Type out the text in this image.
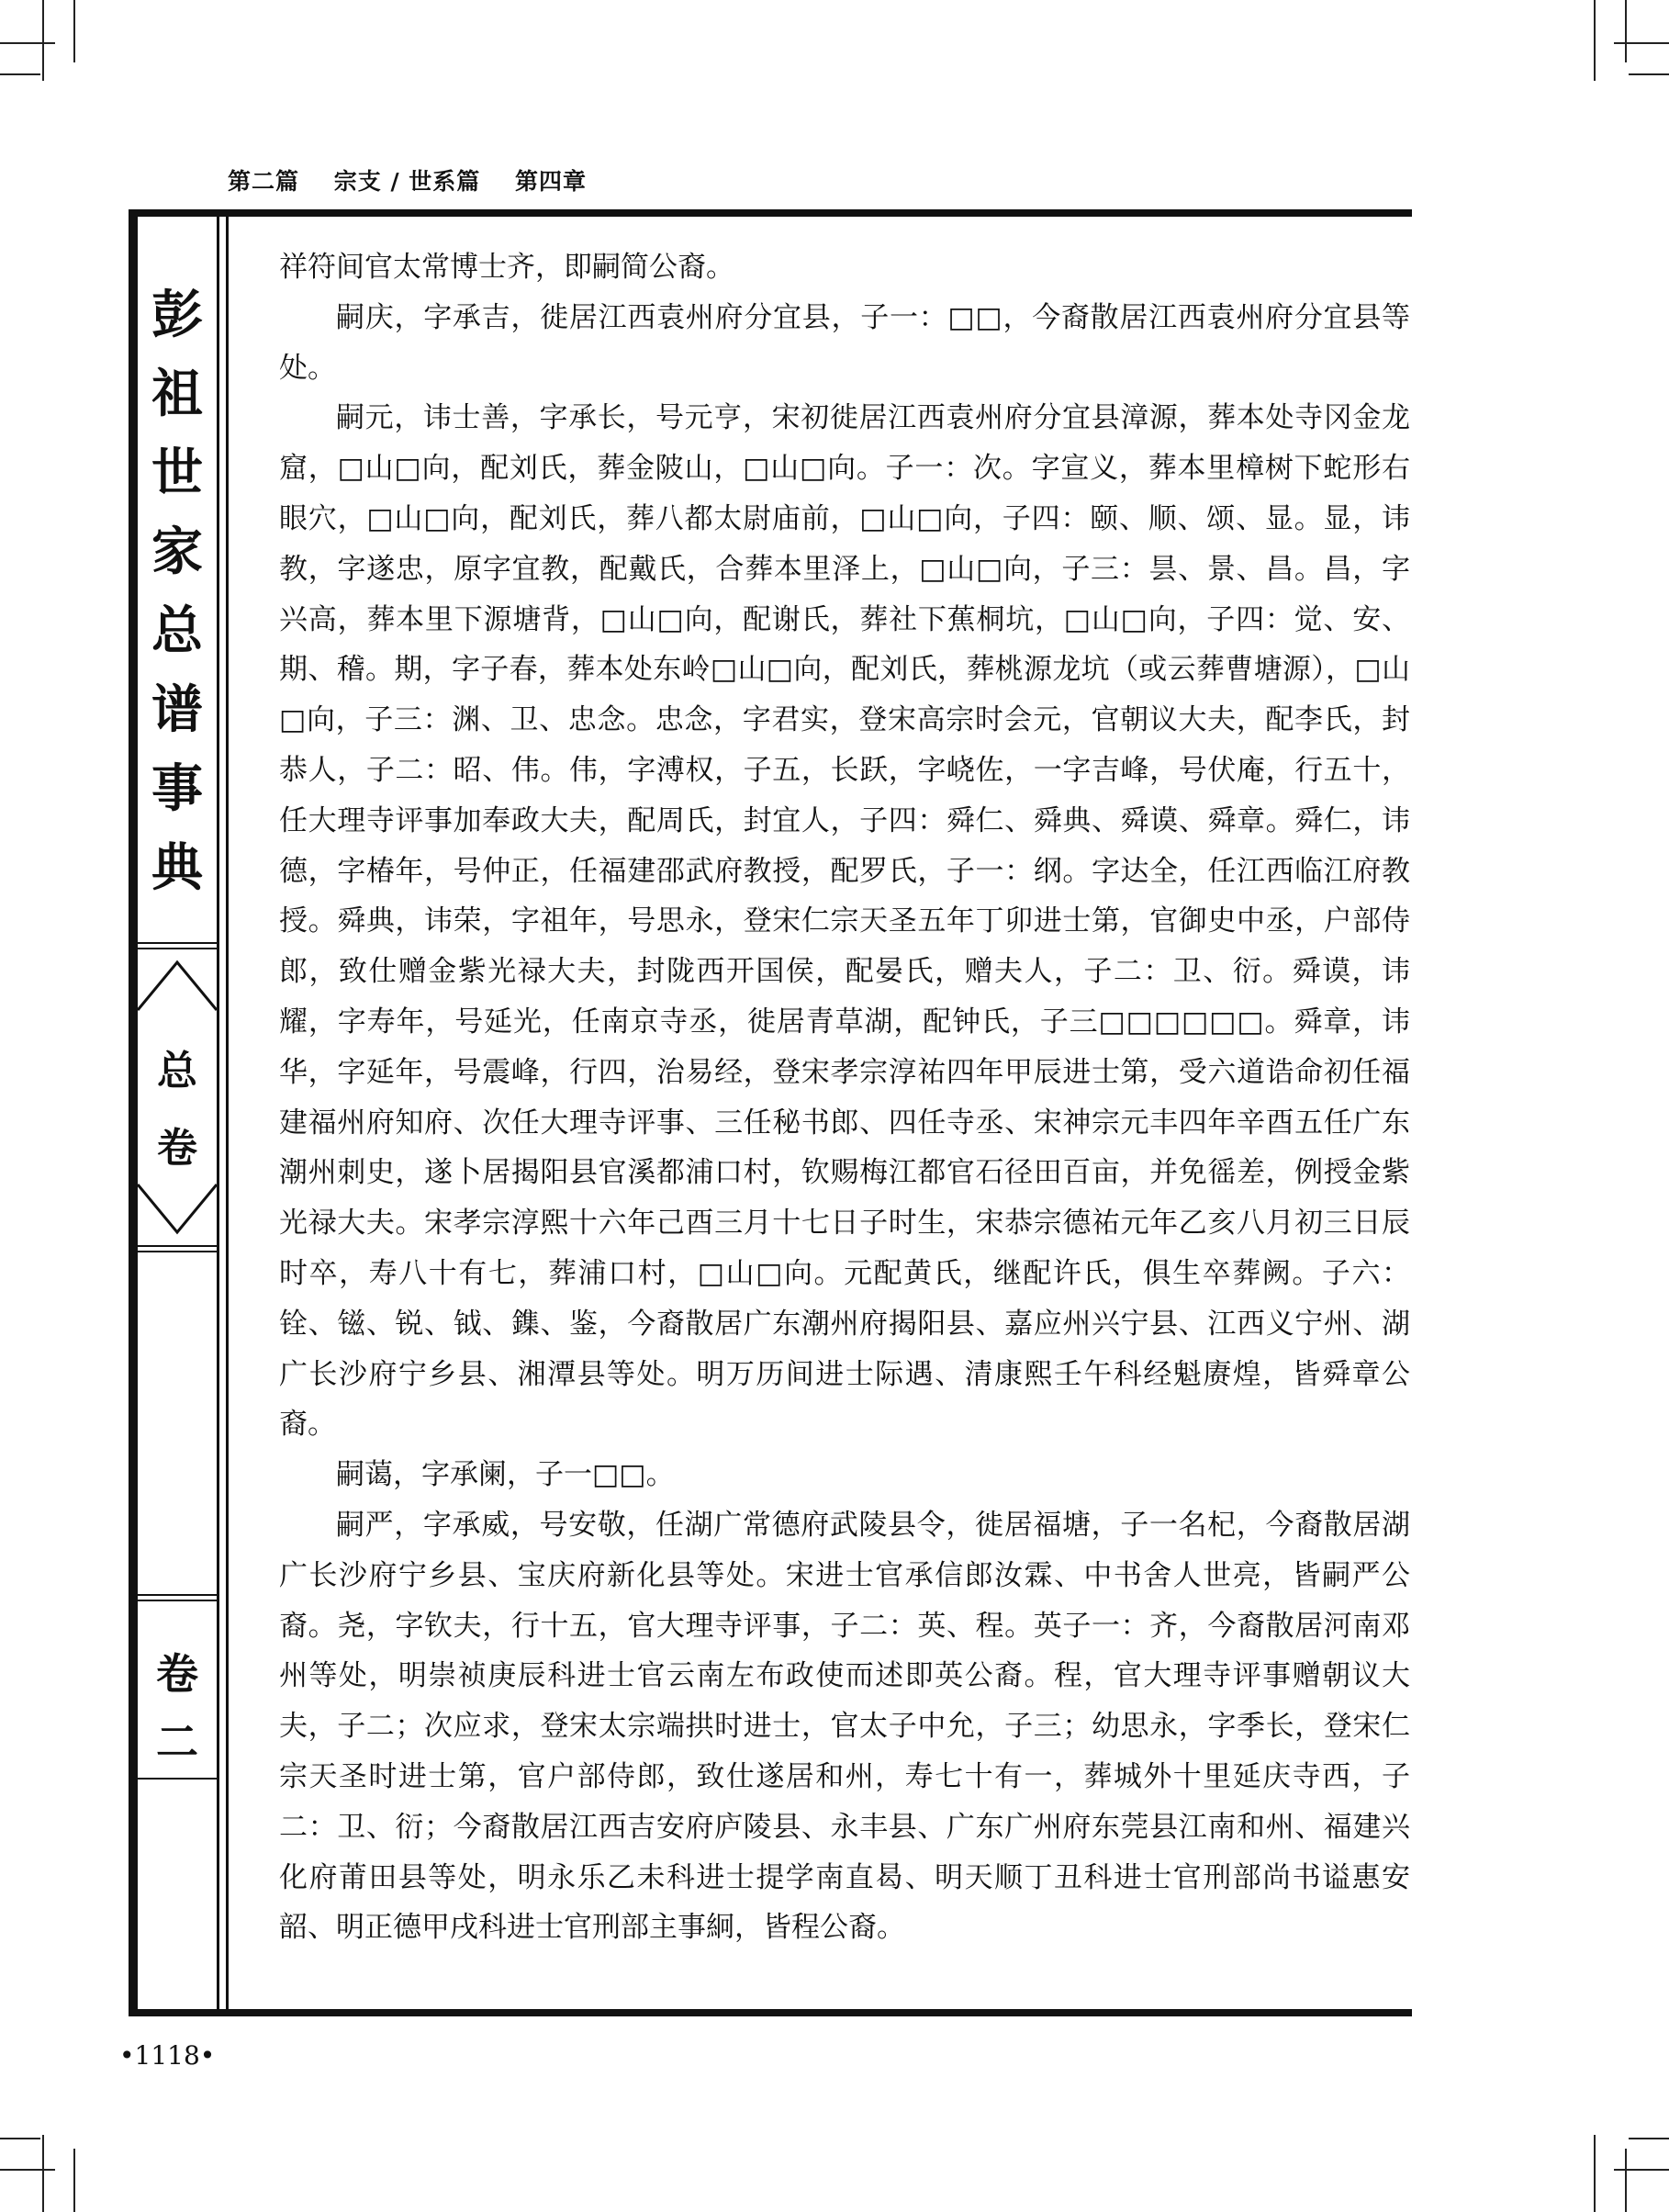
第二篇 宗支 / 世系篇 第四章
彭
祖
世
家
总
谱
事
典
总
卷
卷
二

祥符间官太常博士齐，即嗣简公裔。

嗣庆，字承吉，徙居江西袁州府分宜县，子一：□□，今裔散居江西袁州府分宜县等处。

嗣元，讳士善，字承长，号元亨，宋初徙居江西袁州府分宜县漳源，葬本处寺冈金龙窟，□山□向，配刘氏，葬金陂山，□山□向。子一：次。字宣义，葬本里樟树下蛇形右眼穴，□山□向，配刘氏，葬八都太尉庙前，□山□向，子四：颐、顺、颂、显。显，讳教，字遂忠，原字宜教，配戴氏，合葬本里泽上，□山□向，子三：昙、景、昌。昌，字兴高，葬本里下源塘背，□山□向，配谢氏，葬社下蕉桐坑，□山□向，子四：觉、安、期、稽。期，字子春，葬本处东岭□山□向，配刘氏，葬桃源龙坑（或云葬曹塘源），□山□向，子三：渊、卫、忠念。忠念，字君实，登宋高宗时会元，官朝议大夫，配李氏，封恭人，子二：昭、伟。伟，字溥权，子五，长跃，字峣佐，一字吉峰，号伏庵，行五十，任大理寺评事加奉政大夫，配周氏，封宜人，子四：舜仁、舜典、舜谟、舜章。舜仁，讳德，字椿年，号仲正，任福建邵武府教授，配罗氏，子一：纲。字达全，任江西临江府教授。舜典，讳荣，字祖年，号思永，登宋仁宗天圣五年丁卯进士第，官御史中丞，户部侍郎，致仕赠金紫光禄大夫，封陇西开国侯，配晏氏，赠夫人，子二：卫、衍。舜谟，讳耀，字寿年，号延光，任南京寺丞，徙居青草湖，配钟氏，子三□□□□□□。舜章，讳华，字延年，号震峰，行四，治易经，登宋孝宗淳祐四年甲辰进士第，受六道诰命初任福建福州府知府、次任大理寺评事、三任秘书郎、四任寺丞、宋神宗元丰四年辛酉五任广东潮州刺史，遂卜居揭阳县官溪都浦口村，钦赐梅江都官石径田百亩，并免徭差，例授金紫光禄大夫。宋孝宗淳熙十六年己酉三月十七日子时生，宋恭宗德祐元年乙亥八月初三日辰时卒，寿八十有七，葬浦口村，□山□向。元配黄氏，继配许氏，俱生卒葬阙。子六：铨、镃、锐、钺、鏶、鉴，今裔散居广东潮州府揭阳县、嘉应州兴宁县、江西义宁州、湖广长沙府宁乡县、湘潭县等处。明万历间进士际遇、清康熙壬午科经魁赓煌，皆舜章公裔。

嗣蔼，字承阑，子一□□。

嗣严，字承威，号安敬，任湖广常德府武陵县令，徙居福塘，子一名杞，今裔散居湖广长沙府宁乡县、宝庆府新化县等处。宋进士官承信郎汝霖、中书舍人世亮，皆嗣严公裔。尧，字钦夫，行十五，官大理寺评事，子二：英、程。英子一：齐，今裔散居河南邓州等处，明崇祯庚辰科进士官云南左布政使而述即英公裔。程，官大理寺评事赠朝议大夫，子二；次应求，登宋太宗端拱时进士，官太子中允，子三；幼思永，字季长，登宋仁宗天圣时进士第，官户部侍郎，致仕遂居和州，寿七十有一，葬城外十里延庆寺西，子二：卫、衍；今裔散居江西吉安府庐陵县、永丰县、广东广州府东莞县江南和州、福建兴化府莆田县等处，明永乐乙未科进士提学南直曷、明天顺丁丑科进士官刑部尚书谥惠安韶、明正德甲戌科进士官刑部主事絅，皆程公裔。

•1118•
